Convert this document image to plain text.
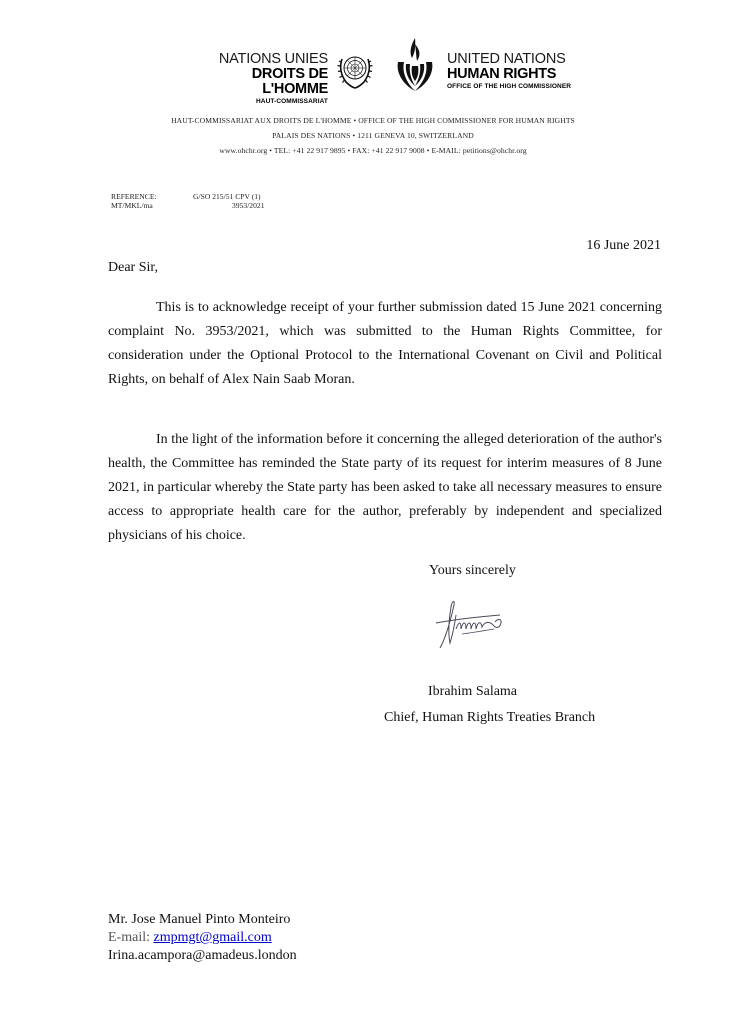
NATIONS UNIES
DROITS DE L'HOMME
HAUT-COMMISSARIAT
UNITED NATIONS
HUMAN RIGHTS
OFFICE OF THE HIGH COMMISSIONER
HAUT-COMMISSARIAT AUX DROITS DE L'HOMME • OFFICE OF THE HIGH COMMISSIONER FOR HUMAN RIGHTS
PALAIS DES NATIONS • 1211 GENEVA 10, SWITZERLAND
www.ohchr.org • TEL: +41 22 917 9895 • FAX: +41 22 917 9008 • E-MAIL: petitions@ohchr.org
REFERENCE:	G/SO 215/51 CPV (1)
MT/MKL/ma	3953/2021
16 June 2021
Dear Sir,
This is to acknowledge receipt of your further submission dated 15 June 2021 concerning complaint No. 3953/2021, which was submitted to the Human Rights Committee, for consideration under the Optional Protocol to the International Covenant on Civil and Political Rights, on behalf of Alex Nain Saab Moran.
In the light of the information before it concerning the alleged deterioration of the author's health, the Committee has reminded the State party of its request for interim measures of 8 June 2021, in particular whereby the State party has been asked to take all necessary measures to ensure access to appropriate health care for the author, preferably by independent and specialized physicians of his choice.
Yours sincerely
Ibrahim Salama
Chief, Human Rights Treaties Branch
Mr. Jose Manuel Pinto Monteiro
E-mail: zmpmgt@gmail.com
Irina.acampora@amadeus.london
